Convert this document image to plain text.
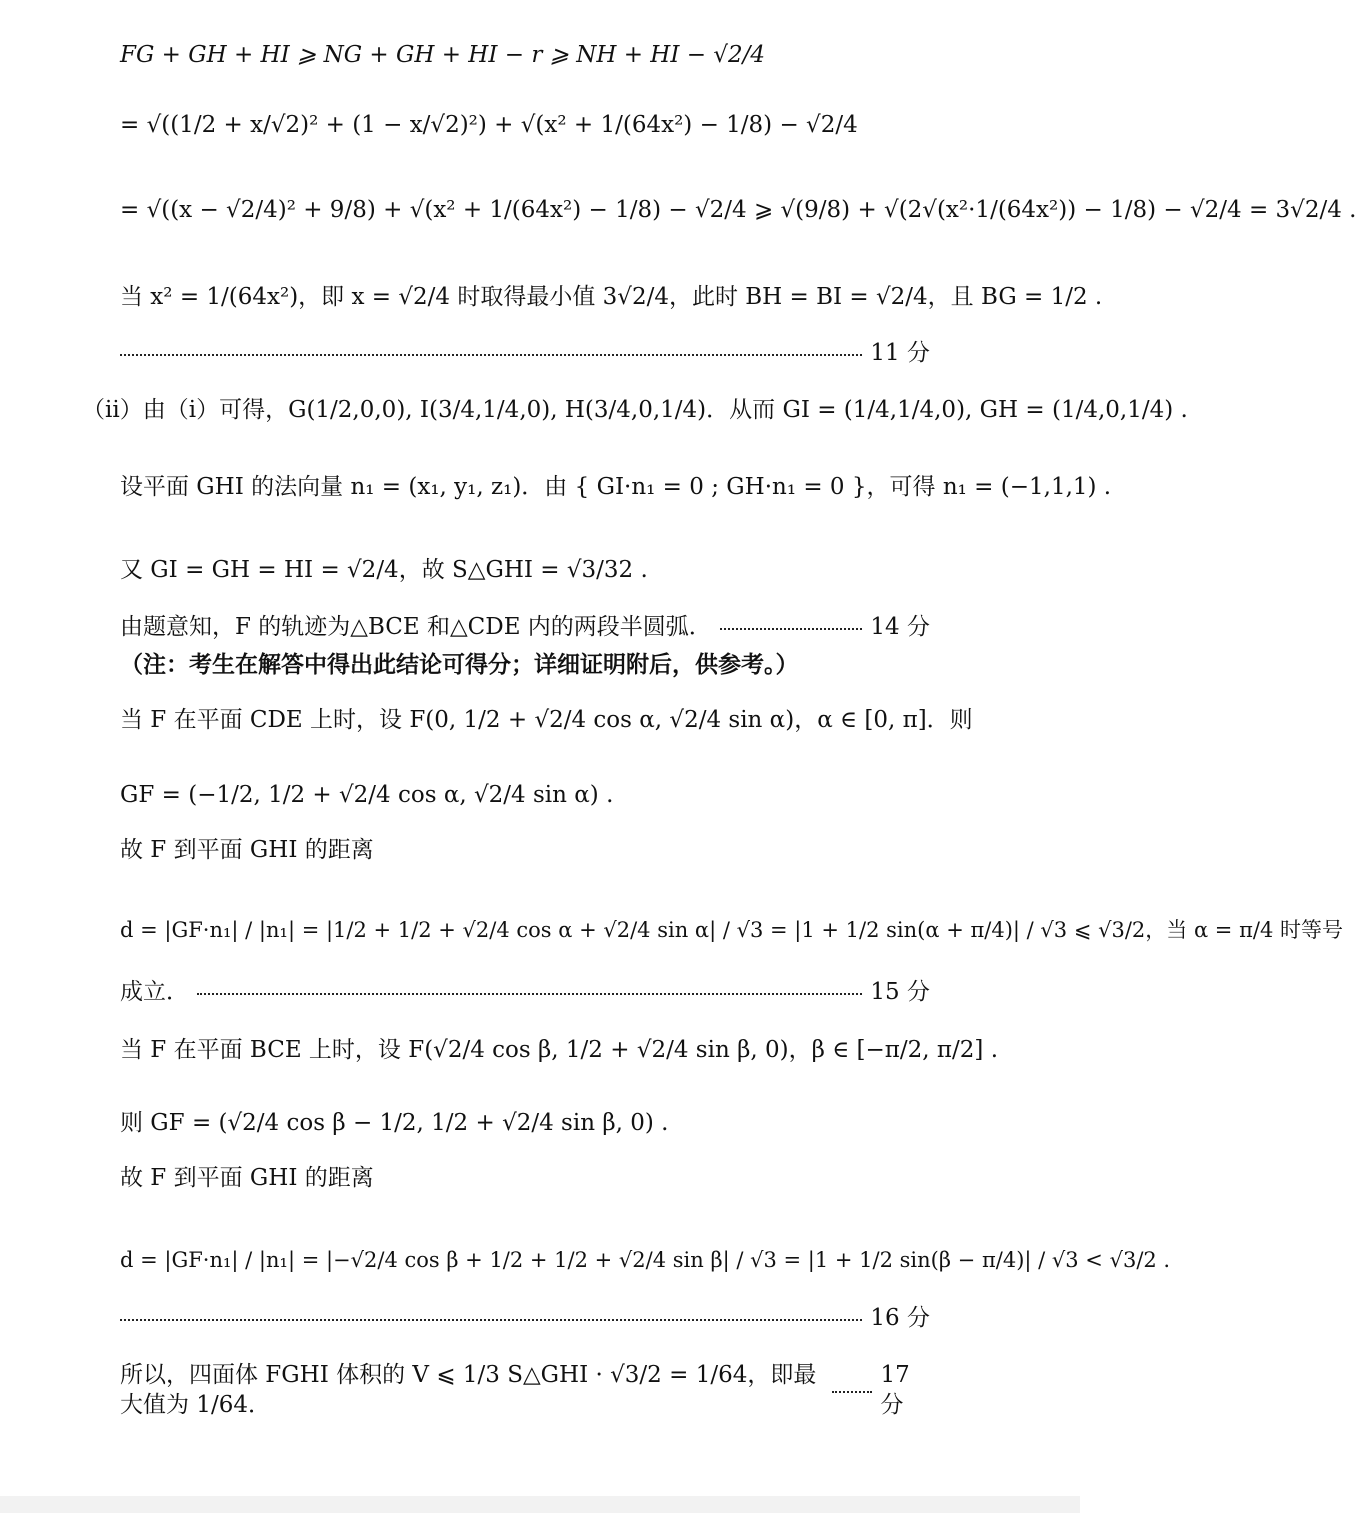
FG + GH + HI ⩾ NG + GH + HI − r ⩾ NH + HI − √2/4
= √((1/2 + x/√2)² + (1 − x/√2)²) + √(x² + 1/(64x²) − 1/8) − √2/4
= √((x − √2/4)² + 9/8) + √(x² + 1/(64x²) − 1/8) − √2/4 ⩾ √(9/8) + √(2√(x²·1/(64x²)) − 1/8) − √2/4 = 3√2/4 .
当 x² = 1/(64x²)，即 x = √2/4 时取得最小值 3√2/4，此时 BH = BI = √2/4，且 BG = 1/2 .
11 分
（ii）由（i）可得，G(1/2,0,0), I(3/4,1/4,0), H(3/4,0,1/4)．从而 GI = (1/4,1/4,0), GH = (1/4,0,1/4) .
设平面 GHI 的法向量 n₁ = (x₁, y₁, z₁)．由 { GI·n₁ = 0 ; GH·n₁ = 0 }，可得 n₁ = (−1,1,1) .
又 GI = GH = HI = √2/4，故 S△GHI = √3/32 .
由题意知，F 的轨迹为△BCE 和△CDE 内的两段半圆弧．	14 分
（注：考生在解答中得出此结论可得分；详细证明附后，供参考。）
当 F 在平面 CDE 上时，设 F(0, 1/2 + √2/4 cos α, √2/4 sin α)，α ∈ [0, π]．则
GF = (−1/2, 1/2 + √2/4 cos α, √2/4 sin α) .
故 F 到平面 GHI 的距离
d = |GF·n₁| / |n₁| = |1/2 + 1/2 + √2/4 cos α + √2/4 sin α| / √3 = |1 + 1/2 sin(α + π/4)| / √3 ⩽ √3/2，当 α = π/4 时等号
成立．	15 分
当 F 在平面 BCE 上时，设 F(√2/4 cos β, 1/2 + √2/4 sin β, 0)，β ∈ [−π/2, π/2] .
则 GF = (√2/4 cos β − 1/2, 1/2 + √2/4 sin β, 0) .
故 F 到平面 GHI 的距离
d = |GF·n₁| / |n₁| = |−√2/4 cos β + 1/2 + 1/2 + √2/4 sin β| / √3 = |1 + 1/2 sin(β − π/4)| / √3 < √3/2 .
16 分
所以，四面体 FGHI 体积的 V ⩽ 1/3 S△GHI · √3/2 = 1/64，即最大值为 1/64．
17 分
